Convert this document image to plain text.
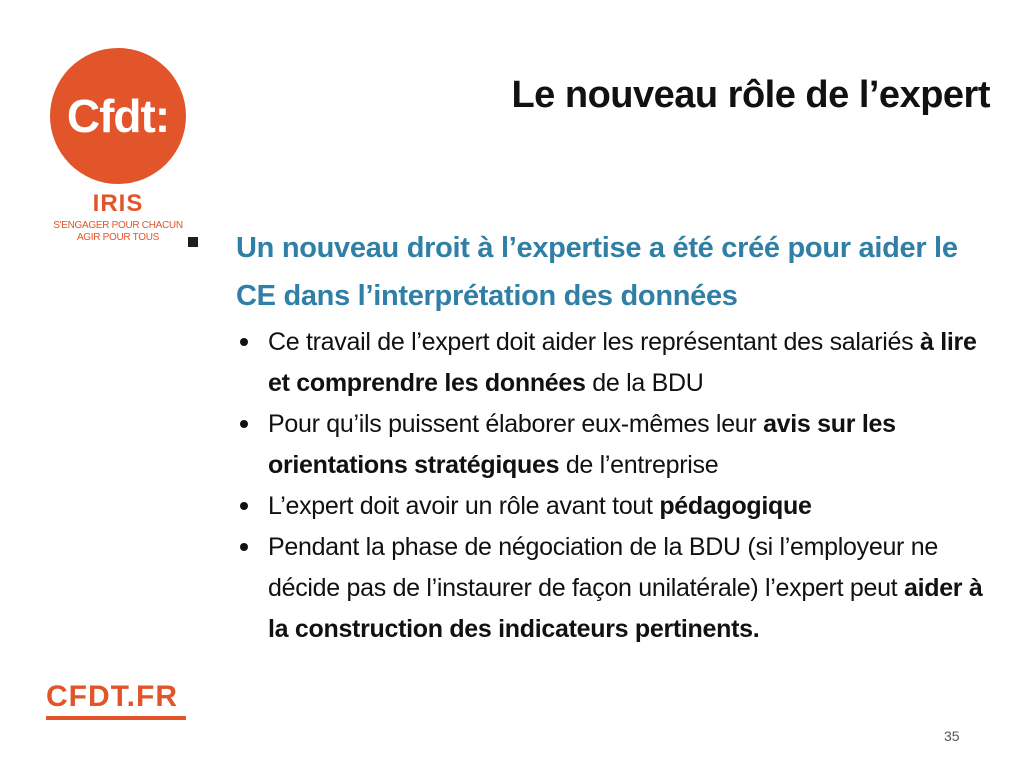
Cfdt:
IRIS
S'ENGAGER POUR CHACUN
AGIR POUR TOUS
Le nouveau rôle de l’expert
Un nouveau droit à l’expertise a été créé pour aider le CE dans l’interprétation des données
Ce travail de l’expert doit aider les représentant des salariés à lire et comprendre les données de la BDU
Pour qu’ils puissent élaborer eux-mêmes leur avis sur les orientations stratégiques de l’entreprise
L’expert doit avoir un rôle avant tout pédagogique
Pendant la phase de négociation de la BDU (si l’employeur ne décide pas de l’instaurer de façon unilatérale) l’expert peut aider à la construction des indicateurs pertinents.
CFDT.FR
35
